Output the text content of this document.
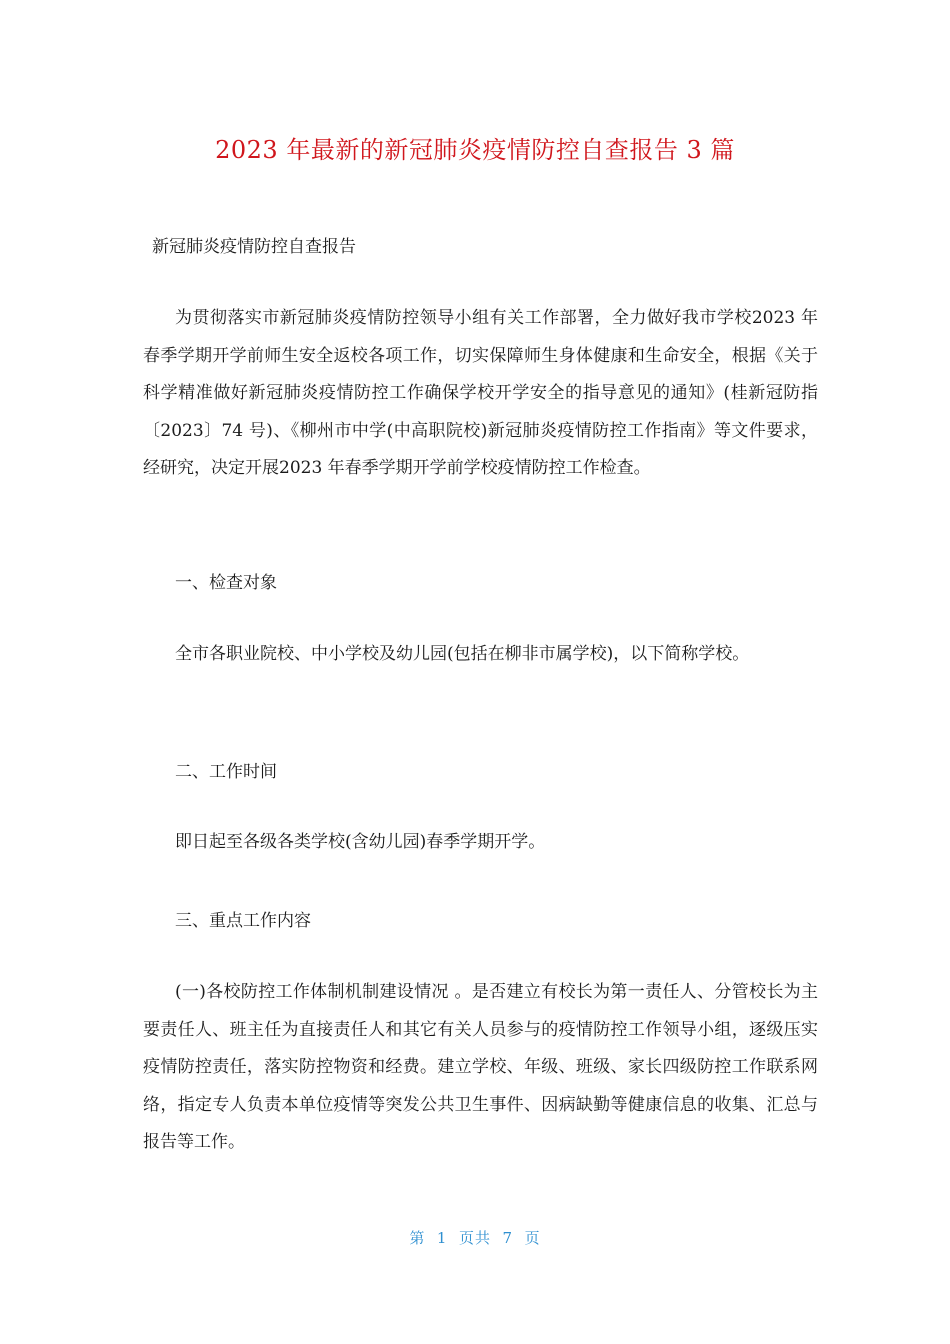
2023 年最新的新冠肺炎疫情防控自查报告 3 篇
新冠肺炎疫情防控自查报告

为贯彻落实市新冠肺炎疫情防控领导小组有关工作部署，全力做好我市学校2023 年春季学期开学前师生安全返校各项工作，切实保障师生身体健康和生命安全，根据《关于科学精准做好新冠肺炎疫情防控工作确保学校开学安全的指导意见的通知》(桂新冠防指〔2023〕74 号)、《柳州市中学(中高职院校)新冠肺炎疫情防控工作指南》等文件要求，经研究，决定开展2023 年春季学期开学前学校疫情防控工作检查。

一、检查对象

全市各职业院校、中小学校及幼儿园(包括在柳非市属学校)，以下简称学校。

二、工作时间

即日起至各级各类学校(含幼儿园)春季学期开学。

三、重点工作内容

(一)各校防控工作体制机制建设情况 。是否建立有校长为第一责任人、分管校长为主要责任人、班主任为直接责任人和其它有关人员参与的疫情防控工作领导小组，逐级压实疫情防控责任，落实防控物资和经费。建立学校、年级、班级、家长四级防控工作联系网络，指定专人负责本单位疫情等突发公共卫生事件、因病缺勤等健康信息的收集、汇总与报告等工作。

第  1  页共  7  页
